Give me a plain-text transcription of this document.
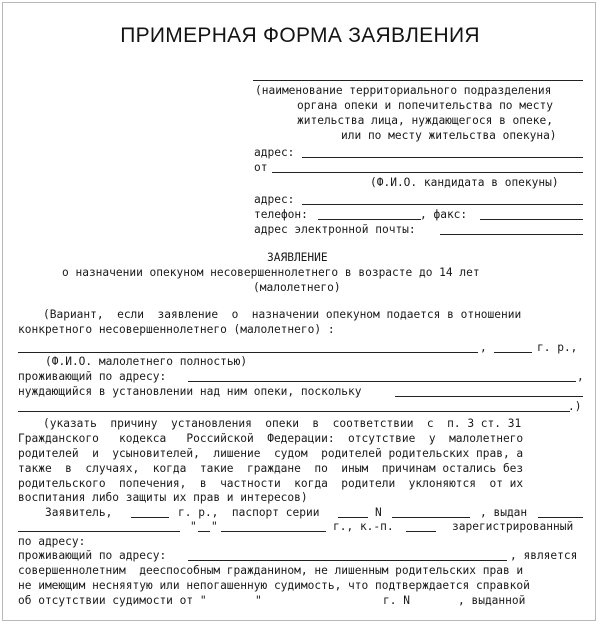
ПРИМЕРНАЯ ФОРМА ЗАЯВЛЕНИЯ
(наименование территориального подразделения
органа опеки и попечительства по месту
жительства лица, нуждающегося в опеке,
или по месту жительства опекуна)
адрес:
от
(Ф.И.О. кандидата в опекуны)
адрес:
телефон:	, факс:
адрес электронной почты:
ЗАЯВЛЕНИЕ
о назначении опекуном несовершеннолетнего в возрасте до 14 лет
(малолетнего)
(Вариант,  если  заявление  о  назначении опекуном подается в отношении
конкретного несовершеннолетнего (малолетнего) :
,	г. р.,
(Ф.И.О. малолетнего полностью)
проживающий по адресу:	,
нуждающийся в установлении над ним опеки, поскольку
.)
(указать  причину  установления  опеки  в  соответствии  с  п. 3 ст. 31
Гражданского   кодекса   Российской  Федерации:  отсутствие  у  малолетнего
родителей  и  усыновителей,  лишение  судом  родителей родительских прав, а
также  в  случаях,  когда  такие  граждане  по  иным  причинам остались без
родительского  попечения,  в  частности  когда  родители  уклоняются  от их
воспитания либо защиты их прав и интересов)
Заявитель,	г. р.,  паспорт серии	N	, выдан
" "	г., к.-п.	зарегистрированный
по адресу:
проживающий по адресу:	, является
совершеннолетним  дееспособным гражданином, не лишенным родительских прав и
не имеющим несняятую или непогашенную судимость, что подтверждается справкой
об отсутствии судимости от "	"	г. N	, выданной
